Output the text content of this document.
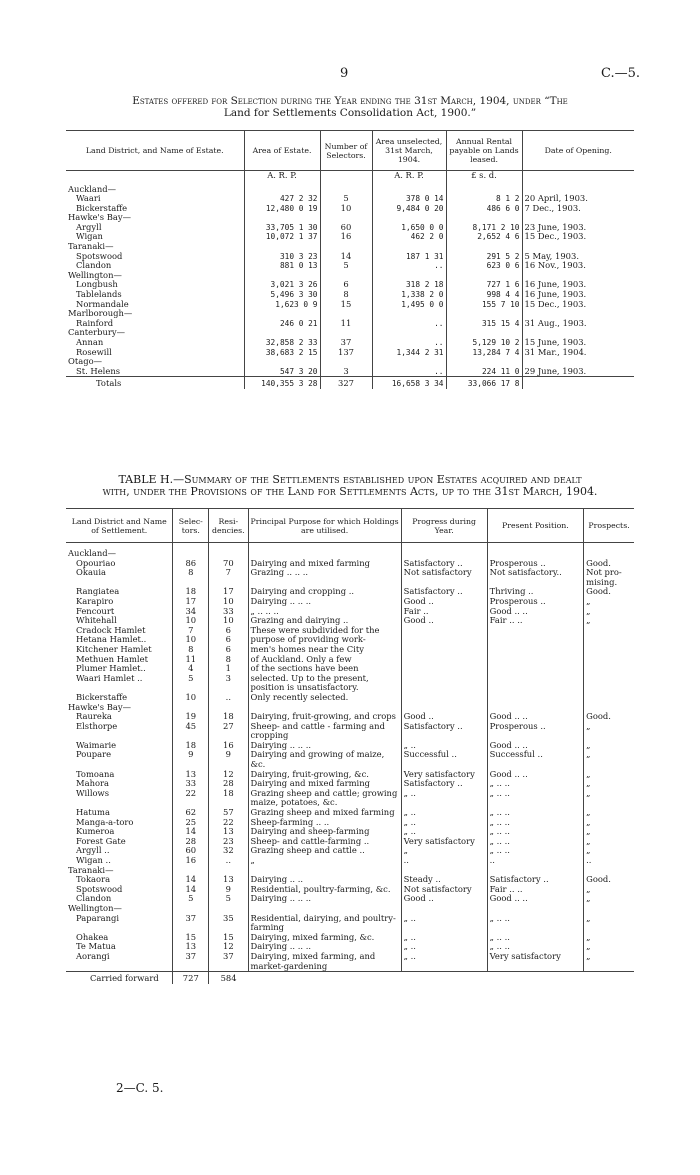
9	C.—5.
Estates offered for Selection during the Year ending the 31st March, 1904, under “The
Land for Settlements Consolidation Act, 1900.”
Land District, and Name of Estate.	Area of Estate.	Number of Selectors.	Area unselected, 31st March, 1904.	Annual Rental payable on Lands leased.	Date of Opening.
	A. R. P.		A. R. P.	£ s. d.	
Auckland—					
Waari	427 2 32	5	378 0 14	8 1 2	20 April, 1903.
Bickerstaffe	12,480 0 19	10	9,484 0 20	486 6 0	7 Dec., 1903.
Hawke's Bay—					
Argyll	33,705 1 30	60	1,650 0 0	8,171 2 10	23 June, 1903.
Wigan	10,072 1 37	16	462 2 0	2,652 4 6	15 Dec., 1903.
Taranaki—					
Spotswood	310 3 23	14	187 1 31	291 5 2	5 May, 1903.
Clandon	881 0 13	5	..	623 0 6	16 Nov., 1903.
Wellington—					
Longbush	3,021 3 26	6	318 2 18	727 1 6	16 June, 1903.
Tablelands	5,496 3 30	8	1,338 2 0	998 4 4	16 June, 1903.
Normandale	1,623 0 9	15	1,495 0 0	155 7 10	15 Dec., 1903.
Marlborough—					
Rainford	246 0 21	11	..	315 15 4	31 Aug., 1903.
Canterbury—					
Annan	32,858 2 33	37	..	5,129 10 2	15 June, 1903.
Rosewill	38,683 2 15	137	1,344 2 31	13,284 7 4	31 Mar., 1904.
Otago—					
St. Helens	547 3 20	3	..	224 11 0	29 June, 1903.
Totals	140,355 3 28	327	16,658 3 34	33,066 17 8	
TABLE H.—Summary of the Settlements established upon Estates acquired and dealt
with, under the Provisions of the Land for Settlements Acts, up to the 31st March, 1904.
Land District and Name of Settlement.	Selec-tors.	Resi-dencies.	Principal Purpose for which Holdings are utilised.	Progress during Year.	Present Position.	Prospects.
Auckland—						
Opouriao	86	70	Dairying and mixed farming	Satisfactory ..	Prosperous ..	Good.
Okauia	8	7	Grazing .. .. ..	Not satisfactory	Not satisfactory..	Not pro-mising.
Rangiatea	18	17	Dairying and cropping ..	Satisfactory ..	Thriving ..	Good.
Karapiro	17	10	Dairying .. .. ..	Good ..	Prosperous ..	„
Fencourt	34	33	„ .. .. ..	Fair ..	Good .. ..	„
Whitehall	10	10	Grazing and dairying ..	Good ..	Fair .. ..	„
Cradock Hamlet	7	6	These were subdivided for the			
Hetana Hamlet..	10	6	purpose of providing work-			
Kitchener Hamlet	8	6	men's homes near the City			
Methuen Hamlet	11	8	of Auckland. Only a few			
Plumer Hamlet..	4	1	of the sections have been			
Waari Hamlet ..	5	3	selected. Up to the present,			
			position is unsatisfactory.			
Bickerstaffe	10	..	Only recently selected.			
Hawke's Bay—						
Raureka	19	18	Dairying, fruit-growing, and crops	Good ..	Good .. ..	Good.
Elsthorpe	45	27	Sheep- and cattle - farming and cropping	Satisfactory ..	Prosperous ..	„
Waimarie	18	16	Dairying .. .. ..	„ ..	Good .. ..	„
Poupare	9	9	Dairying and growing of maize, &c.	Successful ..	Successful ..	„
Tomoana	13	12	Dairying, fruit-growing, &c.	Very satisfactory	Good .. ..	„
Mahora	33	28	Dairying and mixed farming	Satisfactory ..	„ .. ..	„
Willows	22	18	Grazing sheep and cattle; growing maize, potatoes, &c.	„ ..	„ .. ..	„
Hatuma	62	57	Grazing sheep and mixed farming	„ ..	„ .. ..	„
Manga-a-toro	25	22	Sheep-farming .. ..	„ ..	„ .. ..	„
Kumeroa	14	13	Dairying and sheep-farming	„ ..	„ .. ..	„
Forest Gate	28	23	Sheep- and cattle-farming ..	Very satisfactory	„ .. ..	„
Argyll ..	60	32	Grazing sheep and cattle ..	„	„ .. ..	„
Wigan ..	16	..	„	..	..	..
Taranaki—						
Tokaora	14	13	Dairying .. ..	Steady ..	Satisfactory ..	Good.
Spotswood	14	9	Residential, poultry-farming, &c.	Not satisfactory	Fair .. ..	„
Clandon	5	5	Dairying .. .. ..	Good ..	Good .. ..	„
Wellington—						
Paparangi	37	35	Residential, dairying, and poultry-farming	„ ..	„ .. ..	„
Ohakea	15	15	Dairying, mixed farming, &c.	„ ..	„ .. ..	„
Te Matua	13	12	Dairying .. .. ..	„ ..	„ .. ..	„
Aorangi	37	37	Dairying, mixed farming, and market-gardening	„ ..	Very satisfactory	„
Carried forward	727	584				
2—C. 5.
